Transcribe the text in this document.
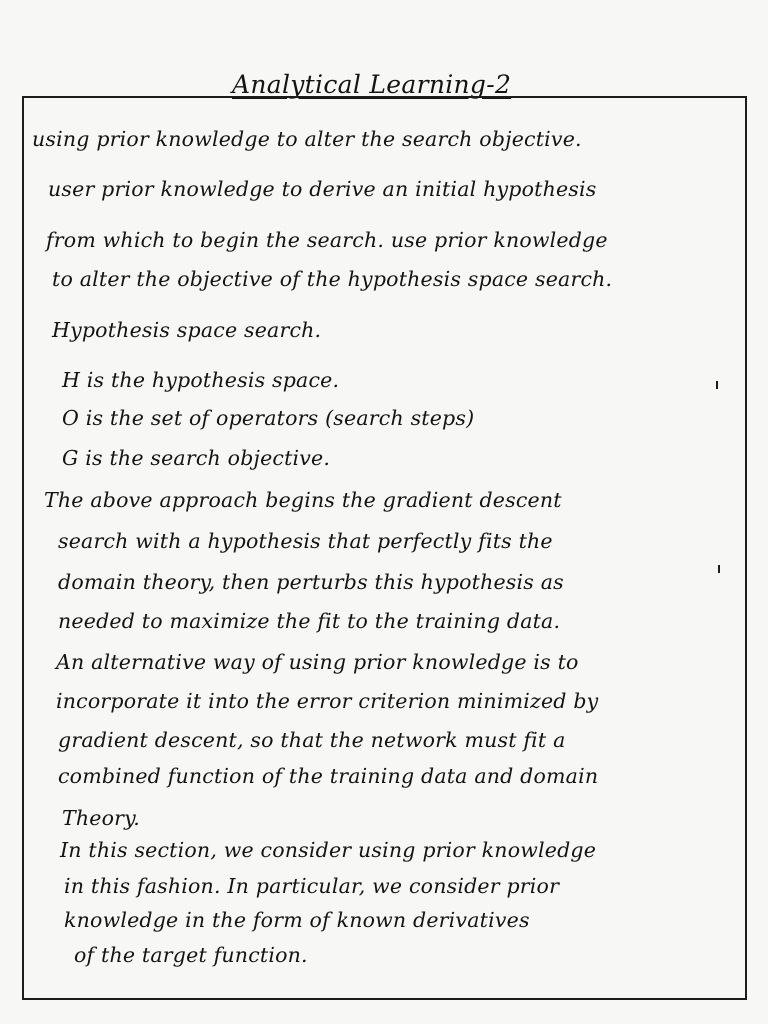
Analytical Learning-2
using prior knowledge to alter the search objective.
user prior knowledge to derive an initial hypothesis
from which to begin the search. use prior knowledge
to alter the objective of the hypothesis space search.
Hypothesis space search.
H is the hypothesis space.
O is the set of operators (search steps)
G is the search objective.
The above approach begins the gradient descent
search with a hypothesis that perfectly fits the
domain theory, then perturbs this hypothesis as
needed to maximize the fit to the training data.
An alternative way of using prior knowledge is to
incorporate it into the error criterion minimized by
gradient descent, so that the network must fit a
combined function of the training data and domain
Theory.
In this section, we consider using prior knowledge
in this fashion. In particular, we consider prior
knowledge in the form of known derivatives
of the target function.
